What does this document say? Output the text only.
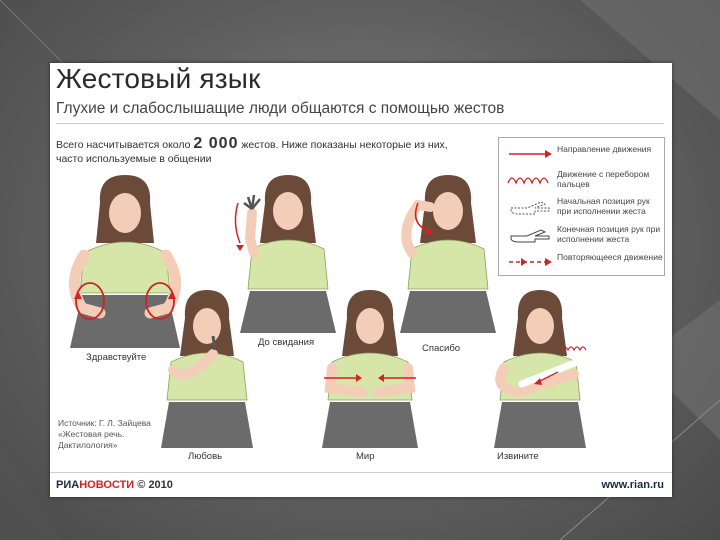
Жестовый язык
Глухие и слабослышащие люди общаются с помощью жестов
Всего насчитывается около 2 000 жестов. Ниже показаны некоторые из них,
часто используемые в общении
Направление движения
Движение с перебором пальцев
Начальная позиция рук при исполнении жеста
Конечная позиция рук при исполнении жеста
Повторяющееся движение
Здравствуйте
До свидания
Спасибо
Любовь	Мир	Извините
Источник: Г. Л. Зайцева «Жестовая речь. Дактилология»
РИАНОВОСТИ © 2010	www.rian.ru
